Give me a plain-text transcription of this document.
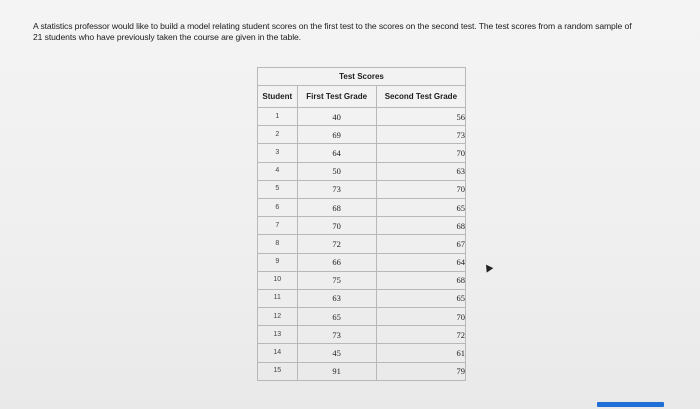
A statistics professor would like to build a model relating student scores on the first test to the scores on the second test. The test scores from a random sample of
21 students who have previously taken the course are given in the table.
Test Scores		
Student	First Test Grade	Second Test Grade
1	40	56
2	69	73
3	64	70
4	50	63
5	73	70
6	68	65
7	70	68
8	72	67
9	66	64
10	75	68
11	63	65
12	65	70
13	73	72
14	45	61
15	91	79
